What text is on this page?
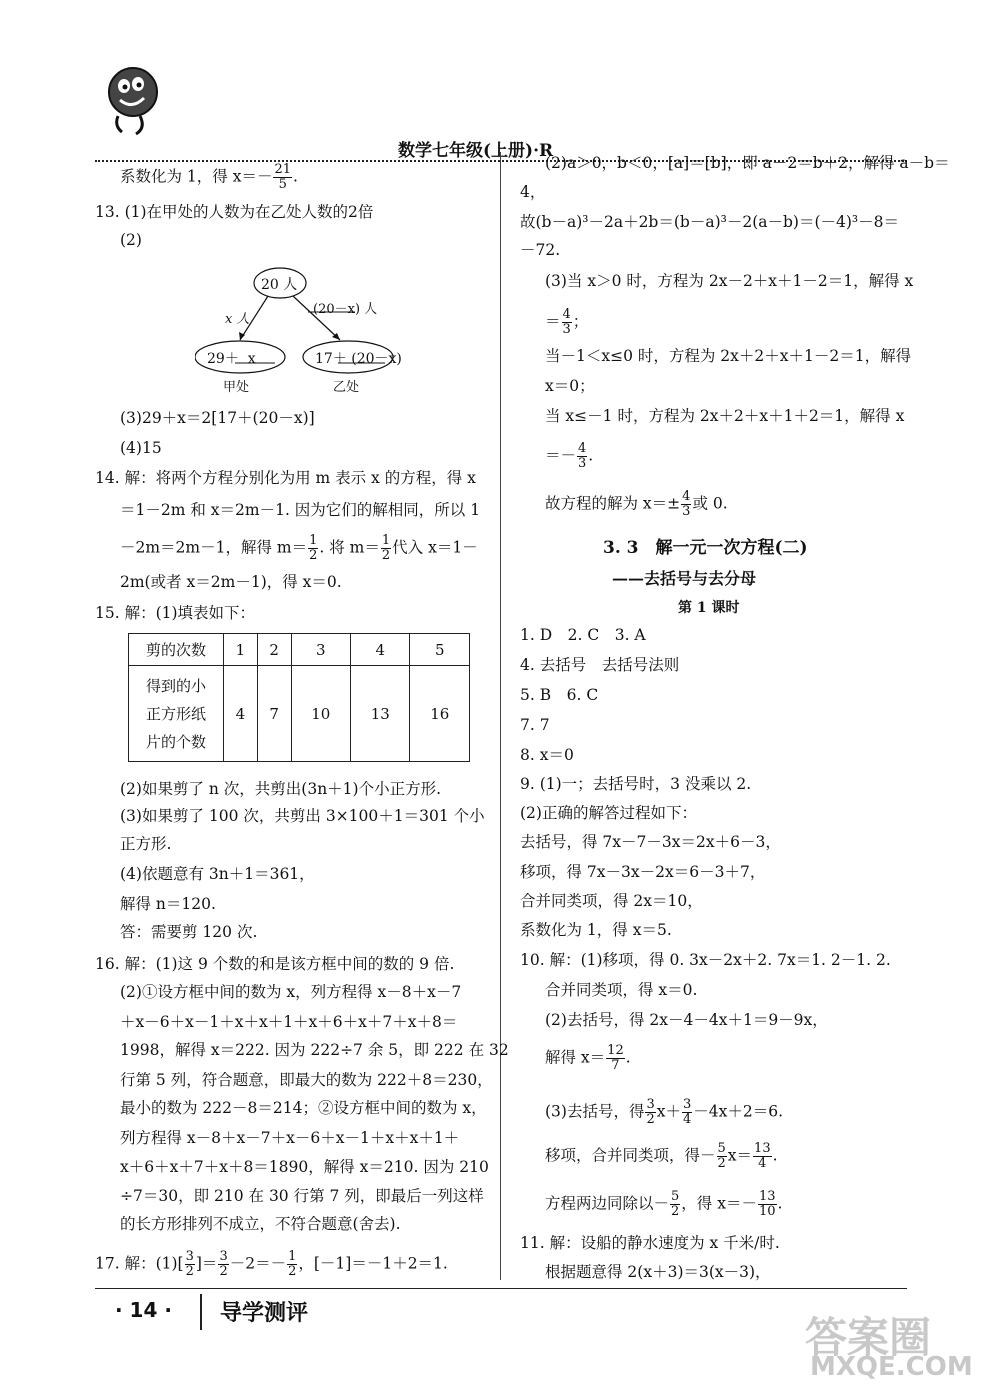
数学七年级(上册)·R
系数化为 1，得 $x=- \frac{21}{5}$ .
13. (1)在甲处的人数为在乙处人数的2倍
(2)
20 人
x 人
(20－x) 人
29＋  x	17＋ (20－x)
甲处	乙处
(3)29＋x＝2[17＋(20－x)]
(4)15
14. 解：将两个方程分别化为用 m 表示 x 的方程，得 x
＝1－2m 和 x＝2m－1. 因为它们的解相同，所以 1
－2m＝2m－1，解得 $m= \frac{1}{2}$ . 将 $m= \frac{1}{2}$ 代入 x＝1－
2m(或者 x＝2m－1)，得 x＝0.
15. 解：(1)填表如下：
剪的次数	1	2	3	4	5

得到的小
正方形纸
片的个数	4	7	10	13	16
(2)如果剪了 n 次，共剪出(3n＋1)个小正方形.
(3)如果剪了 100 次，共剪出 3×100＋1＝301 个小
正方形.
(4)依题意有 3n＋1＝361，
解得 n＝120.
答：需要剪 120 次.
16. 解：(1)这 9 个数的和是该方框中间的数的 9 倍.
(2)①设方框中间的数为 x，列方程得 x－8＋x－7
＋x－6＋x－1＋x＋x＋1＋x＋6＋x＋7＋x＋8＝
1998，解得 x＝222. 因为 222÷7 余 5，即 222 在 32
行第 5 列，符合题意，即最大的数为 222＋8＝230，
最小的数为 222－8＝214；②设方框中间的数为 x，
列方程得 x－8＋x－7＋x－6＋x－1＋x＋x＋1＋
x＋6＋x＋7＋x＋8＝1890，解得 x＝210. 因为 210
÷7＝30，即 210 在 30 行第 7 列，即最后一列这样
的长方形排列不成立，不符合题意(舍去).
17. 解：$(1)[ \frac{3}{2}$ ]＝ $\frac{3}{2} -2=- \frac{1}{2}$ ，[－1]＝－1＋2＝1.
(2)a＞0，b＜0，[a]＝[b]，即 a－2＝b＋2，解得 a－b＝
4，
故(b－a)³－2a＋2b＝(b－a)³－2(a－b)＝(－4)³－8＝
－72.
(3)当 x＞0 时，方程为 2x－2＋x＋1－2＝1，解得 x
＝ $\frac{4}{3}$ ；
当－1＜x≤0 时，方程为 2x＋2＋x＋1－2＝1，解得
x＝0；
当 x≤－1 时，方程为 2x＋2＋x＋1＋2＝1，解得 x
＝－ $\frac{4}{3}$ .
故方程的解为 $x=\pm \frac{4}{3}$ 或 0.
3. 3　解一元一次方程(二)
——去括号与去分母
第 1 课时
1. D　2. C　3. A
4. 去括号　去括号法则
5. B　6. C
7. 7
8. x＝0
9. (1)一；去括号时，3 没乘以 2.
(2)正确的解答过程如下：
去括号，得 7x－7－3x＝2x＋6－3，
移项，得 7x－3x－2x＝6－3＋7，
合并同类项，得 2x＝10，
系数化为 1，得 x＝5.
10. 解：(1)移项，得 0. 3x－2x＋2. 7x＝1. 2－1. 2.
合并同类项，得 x＝0.
(2)去括号，得 2x－4－4x＋1＝9－9x，
解得 $x= \frac{12}{7}$ .
(3)去括号，得 $\frac{3}{2} x+ \frac{3}{4} -4x+2=6$.
移项，合并同类项，得－ $\frac{5}{2} x= \frac{13}{4}$ .
方程两边同除以－ $\frac{5}{2}$ ，得 $x=- \frac{13}{10}$ .
11. 解：设船的静水速度为 x 千米/时.
根据题意得 2(x＋3)＝3(x－3)，
· 14 · 导学测评	答案圈
MXQE.COM
